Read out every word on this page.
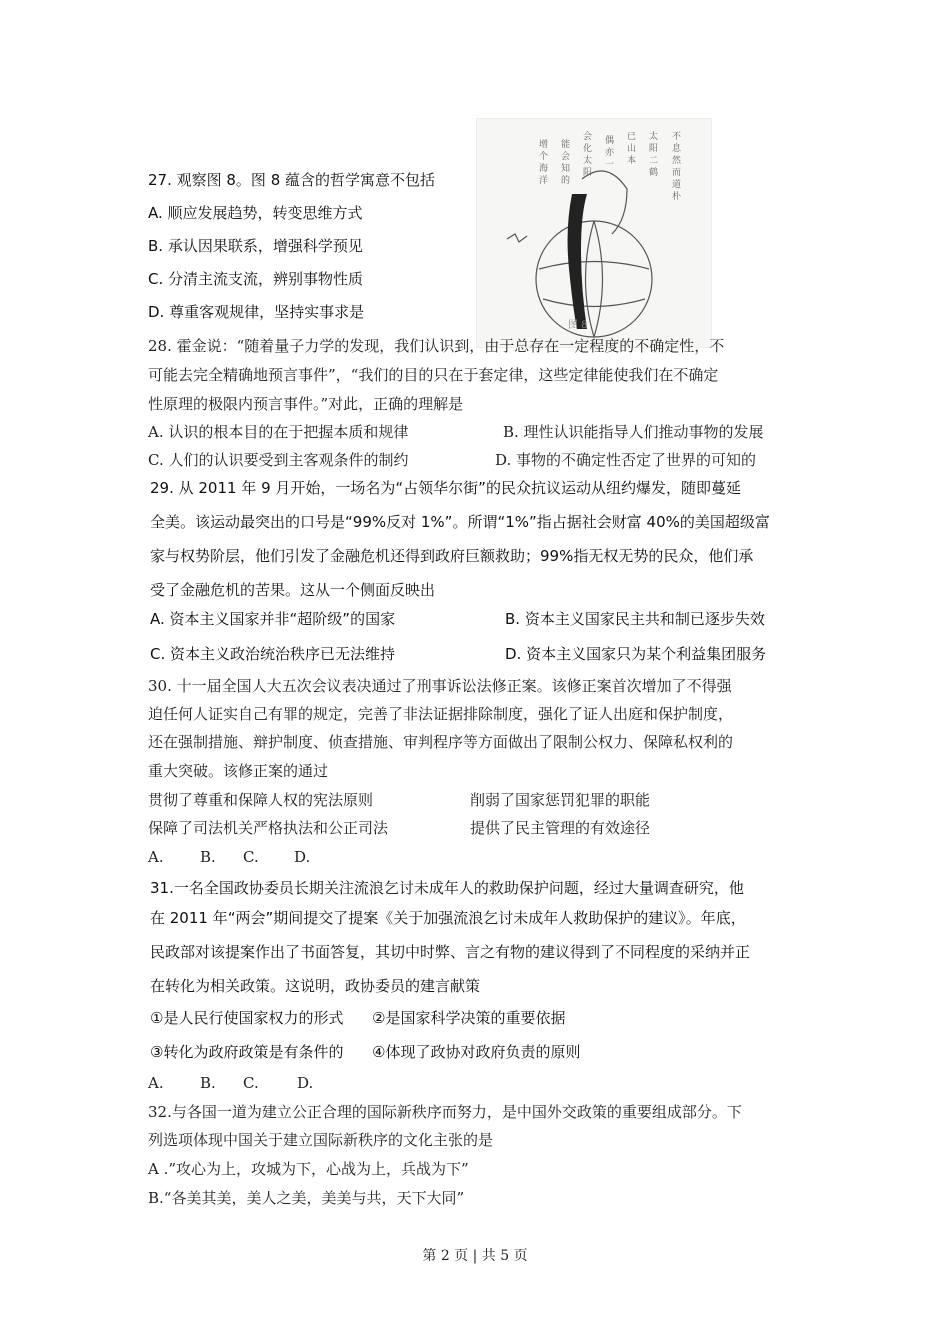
不
息
然
而
道
朴
太
阳
二
鹤
已
山
本
偶
亦
一
会
化
太
阳
能
会
知
的
增
个
海
洋
图 8
27. 观察图 8。图 8 蕴含的哲学寓意不包括
A. 顺应发展趋势，转变思维方式
B. 承认因果联系，增强科学预见
C. 分清主流支流，辨别事物性质
D. 尊重客观规律，坚持实事求是
28. 霍金说：“随着量子力学的发现，我们认识到，由于总存在一定程度的不确定性，不
可能去完全精确地预言事件”，“我们的目的只在于套定律，这些定律能使我们在不确定
性原理的极限内预言事件。”对此，正确的理解是
A. 认识的根本目的在于把握本质和规律	B. 理性认识能指导人们推动事物的发展
C. 人们的认识要受到主客观条件的制约	D. 事物的不确定性否定了世界的可知的
29. 从 2011 年 9 月开始，一场名为“占领华尔街”的民众抗议运动从纽约爆发，随即蔓延
全美。该运动最突出的口号是“99%反对 1%”。所谓“1%”指占据社会财富 40%的美国超级富
家与权势阶层，他们引发了金融危机还得到政府巨额救助；99%指无权无势的民众，他们承
受了金融危机的苦果。这从一个侧面反映出
A. 资本主义国家并非“超阶级”的国家	B. 资本主义国家民主共和制已逐步失效
C. 资本主义政治统治秩序已无法维持	D. 资本主义国家只为某个利益集团服务
30. 十一届全国人大五次会议表决通过了刑事诉讼法修正案。该修正案首次增加了不得强
迫任何人证实自己有罪的规定，完善了非法证据排除制度，强化了证人出庭和保护制度，
还在强制措施、辩护制度、侦查措施、审判程序等方面做出了限制公权力、保障私权利的
重大突破。该修正案的通过
贯彻了尊重和保障人权的宪法原则	削弱了国家惩罚犯罪的职能
保障了司法机关严格执法和公正司法	提供了民主管理的有效途径
A. B. C. D.
31.一名全国政协委员长期关注流浪乞讨未成年人的救助保护问题，经过大量调查研究，他
在 2011 年“两会”期间提交了提案《关于加强流浪乞讨未成年人救助保护的建议》。年底，
民政部对该提案作出了书面答复，其切中时弊、言之有物的建议得到了不同程度的采纳并正
在转化为相关政策。这说明，政协委员的建言献策
①是人民行使国家权力的形式 ②是国家科学决策的重要依据
③转化为政府政策是有条件的 ④体现了政协对政府负责的原则
A. B. C.	D.
32.与各国一道为建立公正合理的国际新秩序而努力，是中国外交政策的重要组成部分。下
列选项体现中国关于建立国际新秩序的文化主张的是
A .”攻心为上，攻城为下，心战为上，兵战为下”
B.“各美其美，美人之美，美美与共，天下大同”
第 2 页 | 共 5 页
